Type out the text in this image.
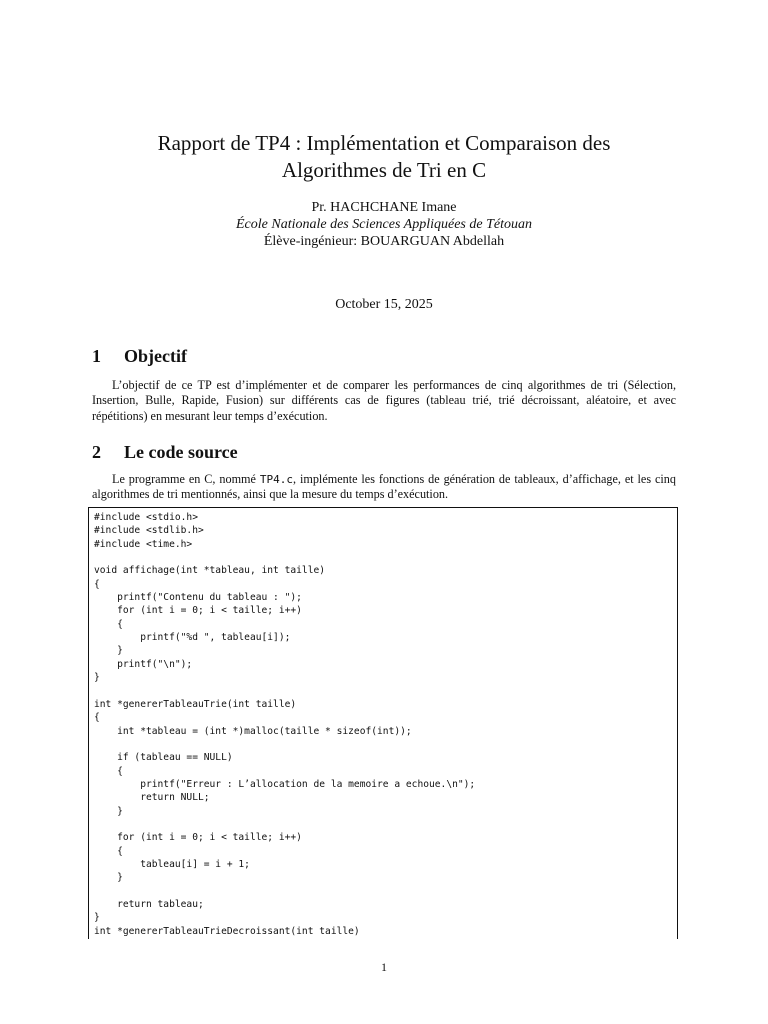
Rapport de TP4 : Implémentation et Comparaison des
Algorithmes de Tri en C
Pr. HACHCHANE Imane
École Nationale des Sciences Appliquées de Tétouan
Élève-ingénieur: BOUARGUAN Abdellah
October 15, 2025
1 Objectif
L’objectif de ce TP est d’implémenter et de comparer les performances de cinq algorithmes de tri (Sélection, Insertion, Bulle, Rapide, Fusion) sur différents cas de figures (tableau trié, trié décroissant, aléatoire, et avec répétitions) en mesurant leur temps d’exécution.
2 Le code source
Le programme en C, nommé TP4.c, implémente les fonctions de génération de tableaux, d’affichage, et les cinq algorithmes de tri mentionnés, ainsi que la mesure du temps d’exécution.
#include <stdio.h>
#include <stdlib.h>
#include <time.h>

void affichage(int *tableau, int taille)
{
printf("Contenu du tableau : ");
for (int i = 0; i < taille; i++)
{
printf("%d ", tableau[i]);
}
printf("\n");
}

int *genererTableauTrie(int taille)
{
int *tableau = (int *)malloc(taille * sizeof(int));

if (tableau == NULL)
{
printf("Erreur : L’allocation de la memoire a echoue.\n");
return NULL;
}

for (int i = 0; i < taille; i++)
{
tableau[i] = i + 1;
}

return tableau;
}
int *genererTableauTrieDecroissant(int taille)

1
